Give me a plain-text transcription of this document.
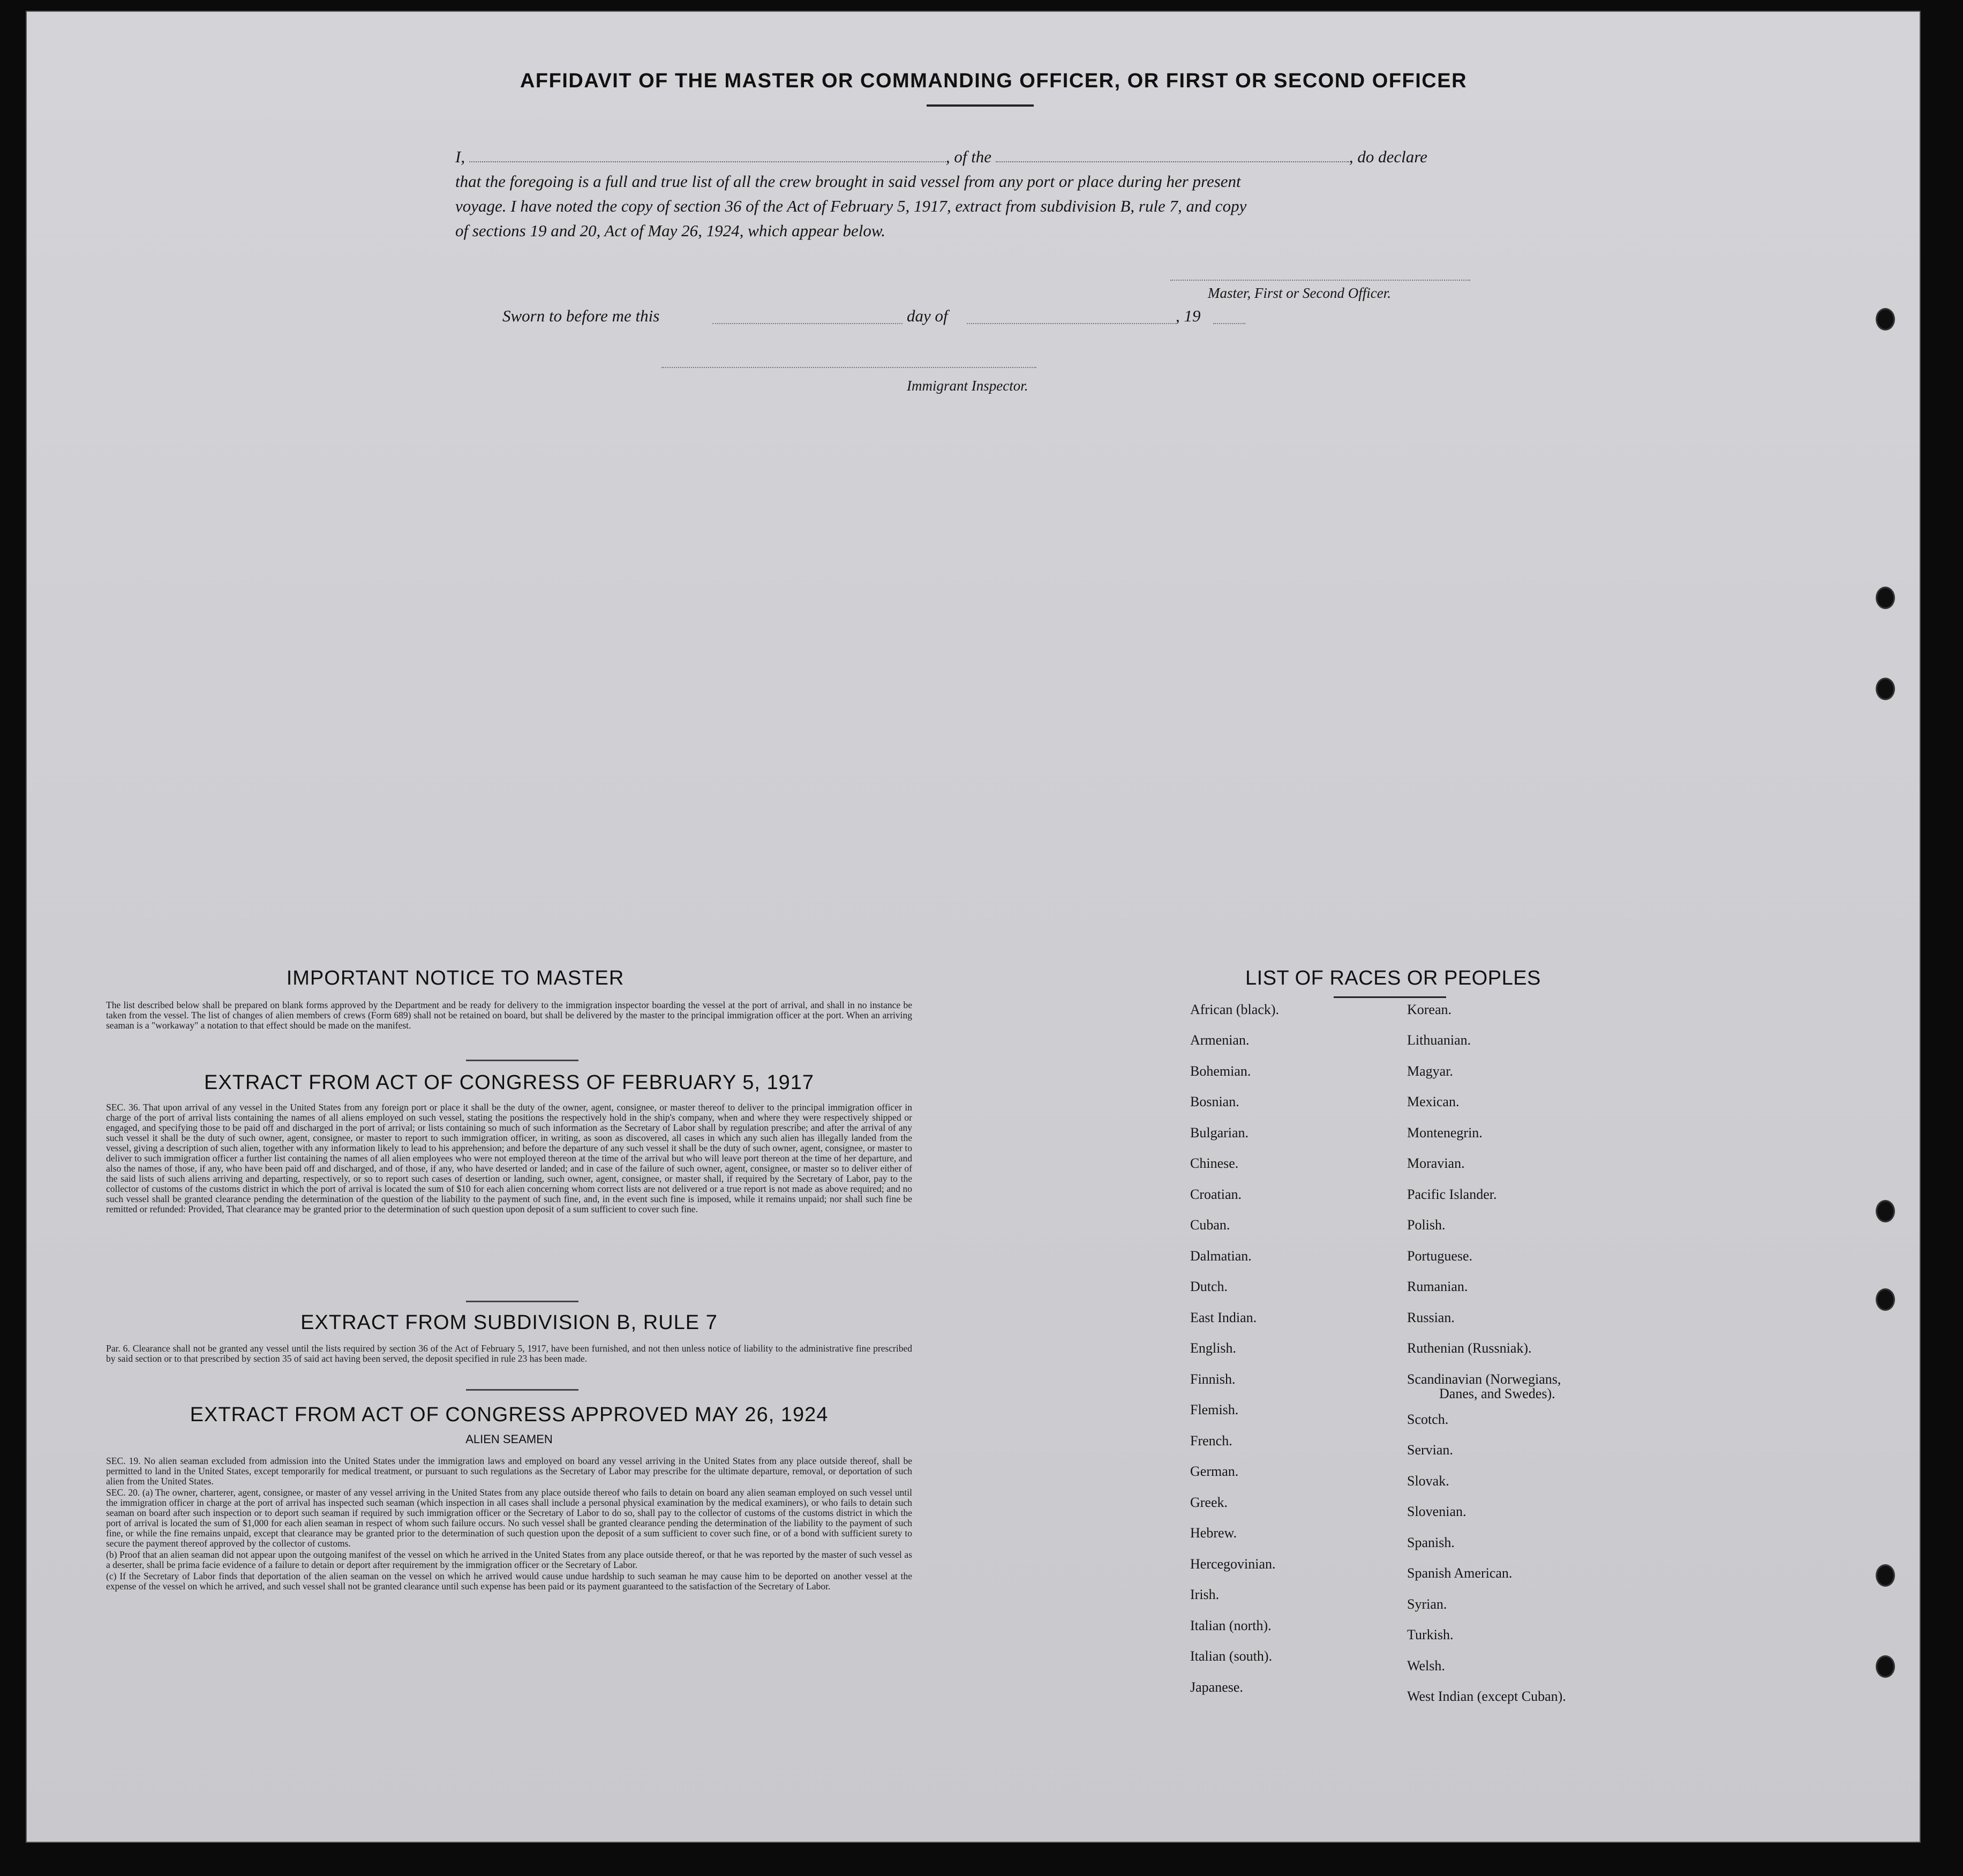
AFFIDAVIT OF THE MASTER OR COMMANDING OFFICER, OR FIRST OR SECOND OFFICER
I,	, of the	, do declare
that the foregoing is a full and true list of all the crew brought in said vessel from any port or place during her present
voyage. I have noted the copy of section 36 of the Act of February 5, 1917, extract from subdivision B, rule 7, and copy
of sections 19 and 20, Act of May 26, 1924, which appear below.
Master, First or Second Officer.
Sworn to before me this	day of	, 19
Immigrant Inspector.
IMPORTANT NOTICE TO MASTER
The list described below shall be prepared on blank forms approved by the Department and be ready for delivery to the immigration inspector boarding the vessel at the port of arrival, and shall in no instance be taken from the vessel. The list of changes of alien members of crews (Form 689) shall not be retained on board, but shall be delivered by the master to the principal immigration officer at the port. When an arriving seaman is a "workaway" a notation to that effect should be made on the manifest.
EXTRACT FROM ACT OF CONGRESS OF FEBRUARY 5, 1917
SEC. 36. That upon arrival of any vessel in the United States from any foreign port or place it shall be the duty of the owner, agent, consignee, or master thereof to deliver to the principal immigration officer in charge of the port of arrival lists containing the names of all aliens employed on such vessel, stating the positions the respectively hold in the ship's company, when and where they were respectively shipped or engaged, and specifying those to be paid off and discharged in the port of arrival; or lists containing so much of such information as the Secretary of Labor shall by regulation prescribe; and after the arrival of any such vessel it shall be the duty of such owner, agent, consignee, or master to report to such immigration officer, in writing, as soon as discovered, all cases in which any such alien has illegally landed from the vessel, giving a description of such alien, together with any information likely to lead to his apprehension; and before the departure of any such vessel it shall be the duty of such owner, agent, consignee, or master to deliver to such immigration officer a further list containing the names of all alien employees who were not employed thereon at the time of the arrival but who will leave port thereon at the time of her departure, and also the names of those, if any, who have been paid off and discharged, and of those, if any, who have deserted or landed; and in case of the failure of such owner, agent, consignee, or master so to deliver either of the said lists of such aliens arriving and departing, respectively, or so to report such cases of desertion or landing, such owner, agent, consignee, or master shall, if required by the Secretary of Labor, pay to the collector of customs of the customs district in which the port of arrival is located the sum of $10 for each alien concerning whom correct lists are not delivered or a true report is not made as above required; and no such vessel shall be granted clearance pending the determination of the question of the liability to the payment of such fine, and, in the event such fine is imposed, while it remains unpaid; nor shall such fine be remitted or refunded: Provided, That clearance may be granted prior to the determination of such question upon deposit of a sum sufficient to cover such fine.
EXTRACT FROM SUBDIVISION B, RULE 7
Par. 6. Clearance shall not be granted any vessel until the lists required by section 36 of the Act of February 5, 1917, have been furnished, and not then unless notice of liability to the administrative fine prescribed by said section or to that prescribed by section 35 of said act having been served, the deposit specified in rule 23 has been made.
EXTRACT FROM ACT OF CONGRESS APPROVED MAY 26, 1924
ALIEN SEAMEN
SEC. 19. No alien seaman excluded from admission into the United States under the immigration laws and employed on board any vessel arriving in the United States from any place outside thereof, shall be permitted to land in the United States, except temporarily for medical treatment, or pursuant to such regulations as the Secretary of Labor may prescribe for the ultimate departure, removal, or deportation of such alien from the United States.
SEC. 20. (a) The owner, charterer, agent, consignee, or master of any vessel arriving in the United States from any place outside thereof who fails to detain on board any alien seaman employed on such vessel until the immigration officer in charge at the port of arrival has inspected such seaman (which inspection in all cases shall include a personal physical examination by the medical examiners), or who fails to detain such seaman on board after such inspection or to deport such seaman if required by such immigration officer or the Secretary of Labor to do so, shall pay to the collector of customs of the customs district in which the port of arrival is located the sum of $1,000 for each alien seaman in respect of whom such failure occurs. No such vessel shall be granted clearance pending the determination of the liability to the payment of such fine, or while the fine remains unpaid, except that clearance may be granted prior to the determination of such question upon the deposit of a sum sufficient to cover such fine, or of a bond with sufficient surety to secure the payment thereof approved by the collector of customs.
(b) Proof that an alien seaman did not appear upon the outgoing manifest of the vessel on which he arrived in the United States from any place outside thereof, or that he was reported by the master of such vessel as a deserter, shall be prima facie evidence of a failure to detain or deport after requirement by the immigration officer or the Secretary of Labor.
(c) If the Secretary of Labor finds that deportation of the alien seaman on the vessel on which he arrived would cause undue hardship to such seaman he may cause him to be deported on another vessel at the expense of the vessel on which he arrived, and such vessel shall not be granted clearance until such expense has been paid or its payment guaranteed to the satisfaction of the Secretary of Labor.
LIST OF RACES OR PEOPLES
African (black).
Armenian.
Bohemian.
Bosnian.
Bulgarian.
Chinese.
Croatian.
Cuban.
Dalmatian.
Dutch.
East Indian.
English.
Finnish.
Flemish.
French.
German.
Greek.
Hebrew.
Hercegovinian.
Irish.
Italian (north).
Italian (south).
Japanese.
Korean.
Lithuanian.
Magyar.
Mexican.
Montenegrin.
Moravian.
Pacific Islander.
Polish.
Portuguese.
Rumanian.
Russian.
Ruthenian (Russniak).
Scandinavian (Norwegians,
Danes, and Swedes).
Scotch.
Servian.
Slovak.
Slovenian.
Spanish.
Spanish American.
Syrian.
Turkish.
Welsh.
West Indian (except Cuban).
